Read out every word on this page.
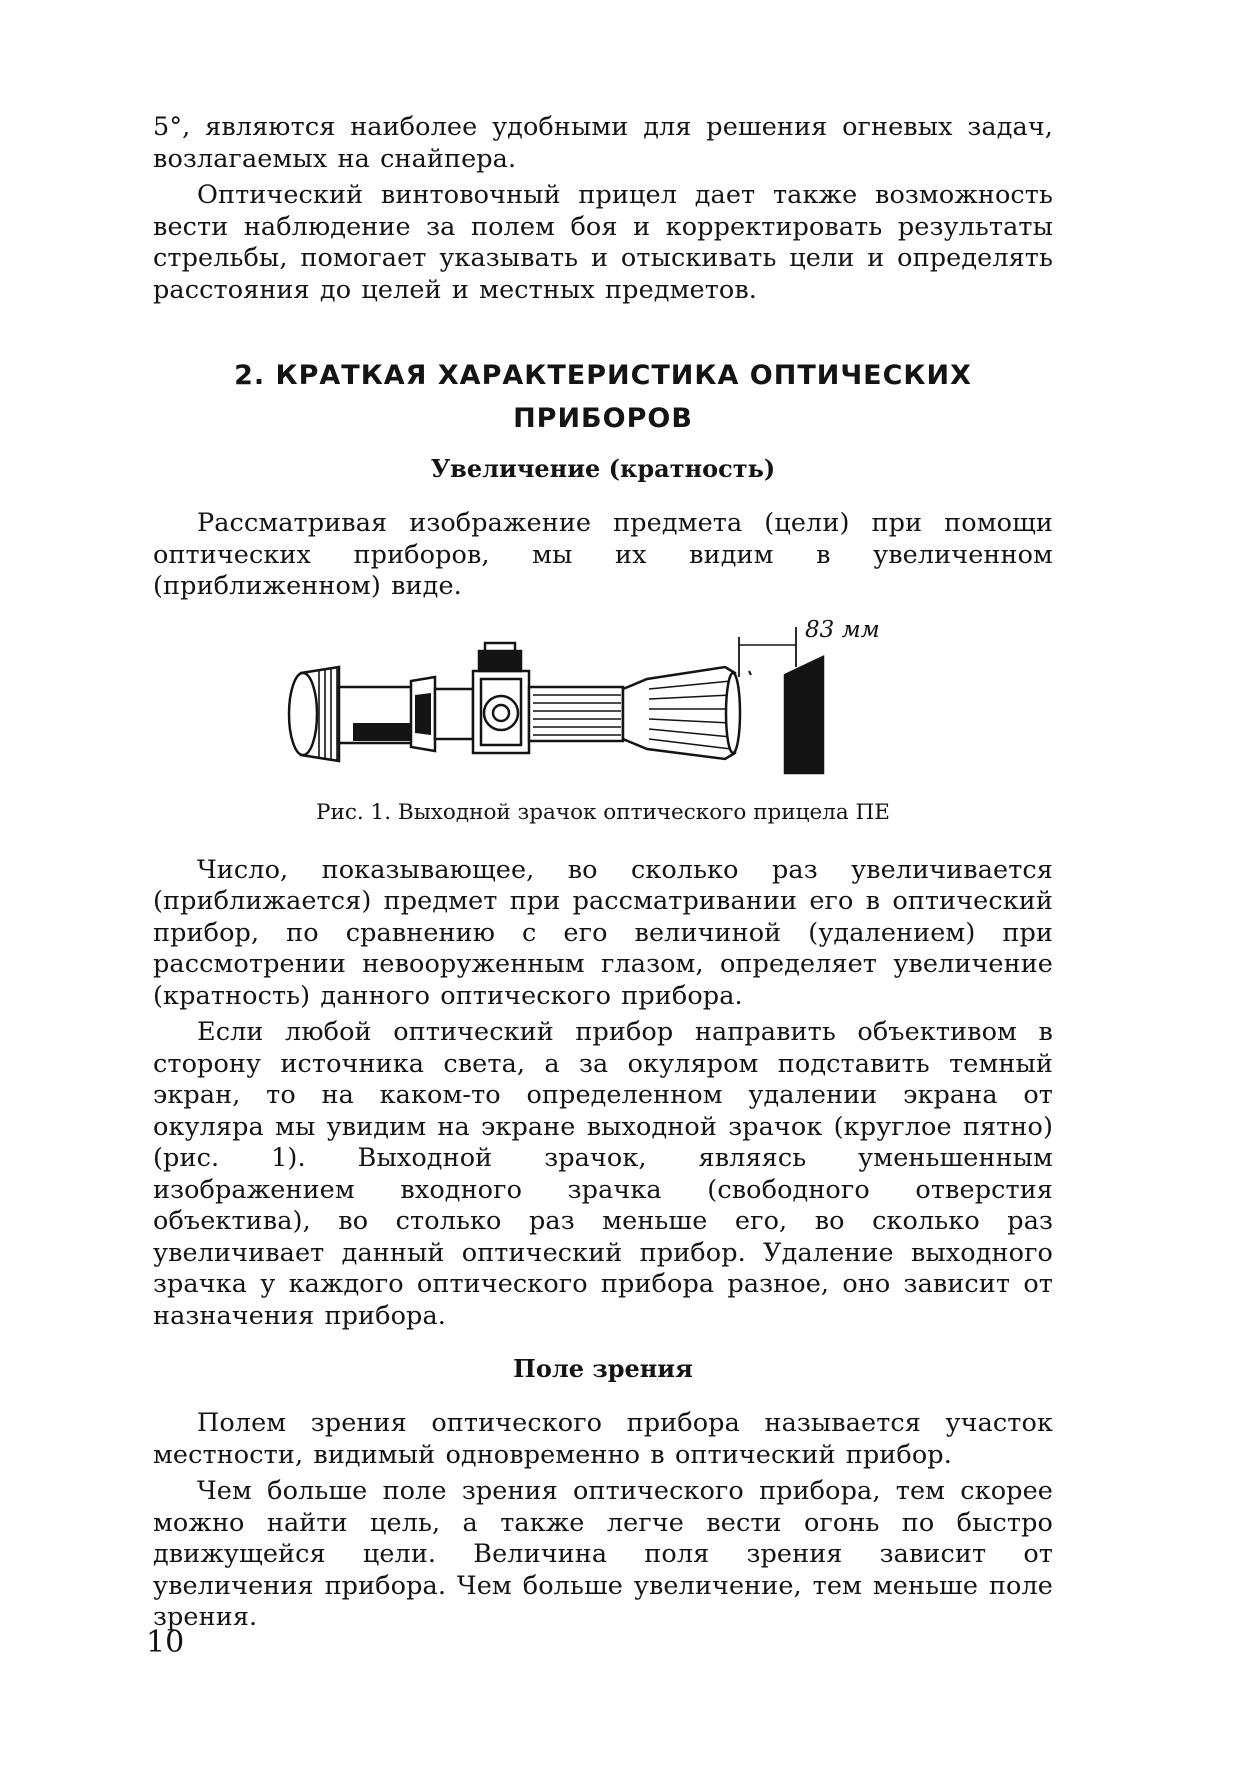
5°, являются наиболее удобными для решения огневых задач, возлагаемых на снайпера.

Оптический винтовочный прицел дает также возможность вести наблюдение за полем боя и корректировать результаты стрельбы, помогает указывать и отыскивать цели и определять расстояния до целей и местных предметов.

2. КРАТКАЯ ХАРАКТЕРИСТИКА ОПТИЧЕСКИХ
ПРИБОРОВ
Увеличение (кратность)

Рассматривая изображение предмета (цели) при помощи оптических приборов, мы их видим в увеличенном (приближенном) виде.

83 мм
Рис. 1. Выходной зрачок оптического прицела ПЕ

Число, показывающее, во сколько раз увеличивается (приближается) предмет при рассматривании его в оптический прибор, по сравнению с его величиной (удалением) при рассмотрении невооруженным глазом, определяет увеличение (кратность) данного оптического прибора.

Если любой оптический прибор направить объективом в сторону источника света, а за окуляром подставить темный экран, то на каком-то определенном удалении экрана от окуляра мы увидим на экране выходной зрачок (круглое пятно) (рис. 1). Выходной зрачок, являясь уменьшенным изображением входного зрачка (свободного отверстия объектива), во столько раз меньше его, во сколько раз увеличивает данный оптический прибор. Удаление выходного зрачка у каждого оптического прибора разное, оно зависит от назначения прибора.

Поле зрения

Полем зрения оптического прибора называется участок местности, видимый одновременно в оптический прибор.

Чем больше поле зрения оптического прибора, тем скорее можно найти цель, а также легче вести огонь по быстро движущейся цели. Величина поля зрения зависит от увеличения прибора. Чем больше увеличение, тем меньше поле зрения.

10
